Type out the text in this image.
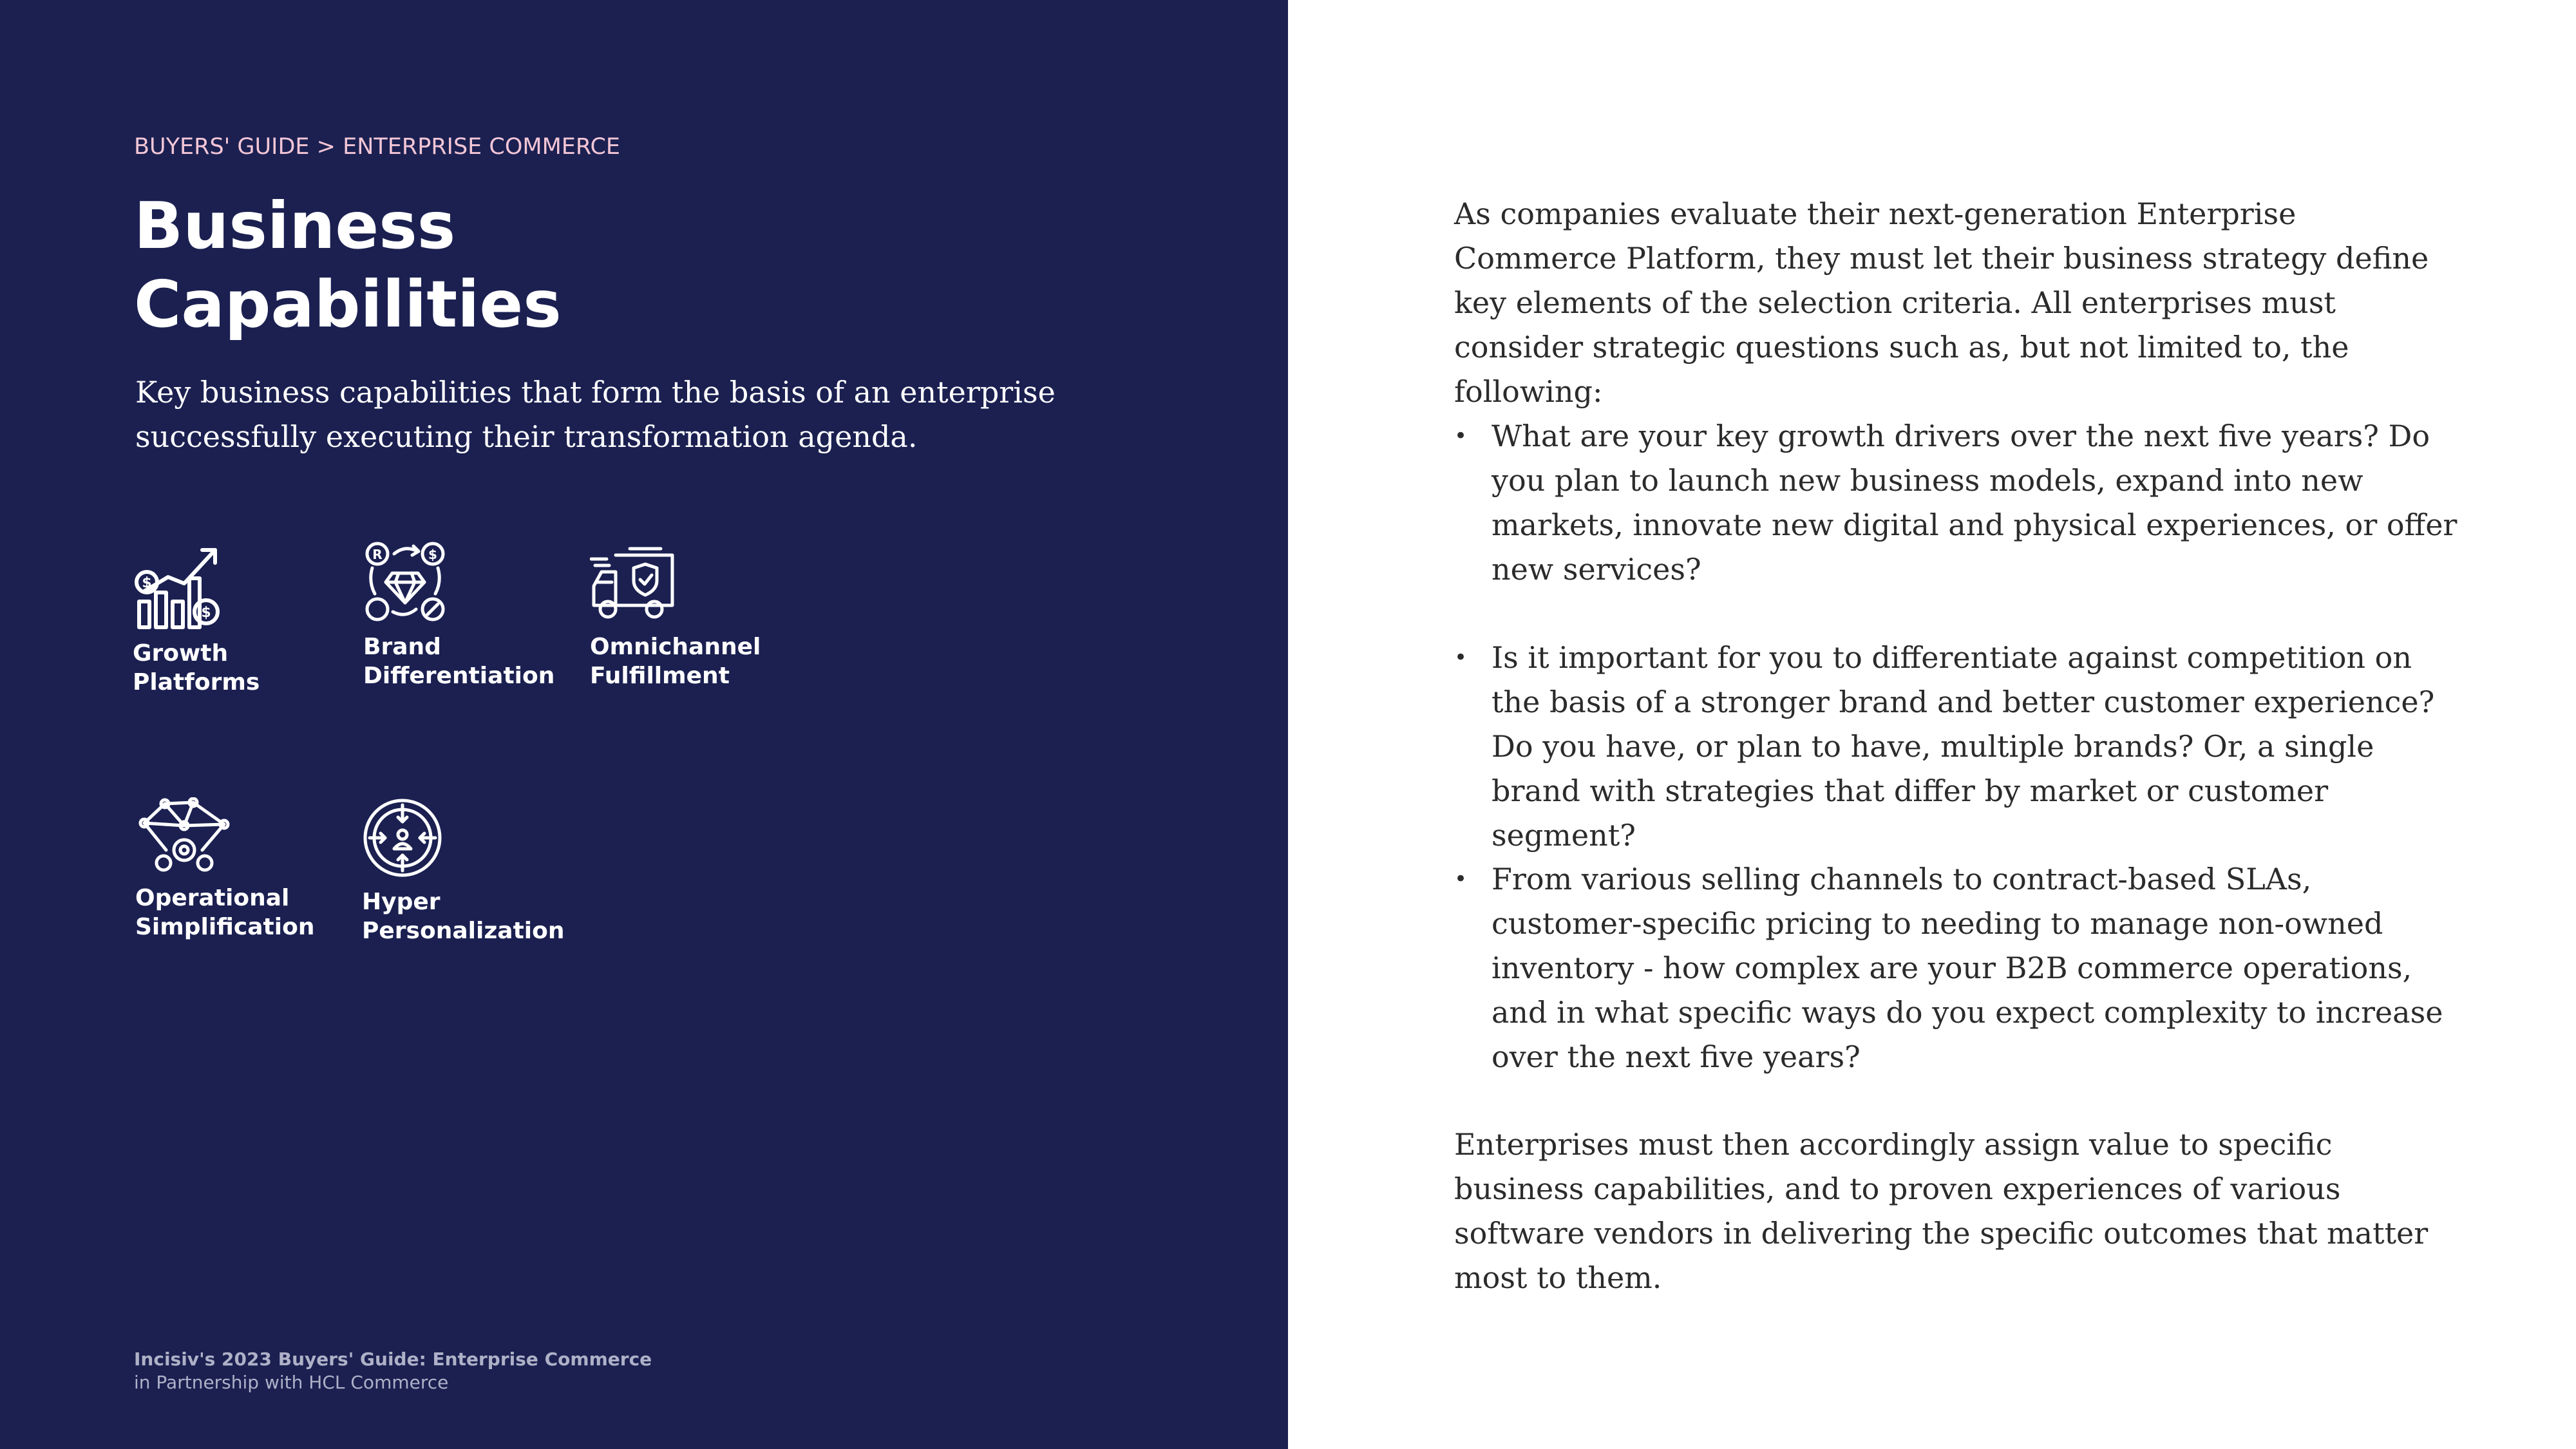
BUYERS' GUIDE > ENTERPRISE COMMERCE
Business
Capabilities

Key business capabilities that form the basis of an enterprise successfully executing their transformation agenda.

$
$
Growth
Platforms
R	$
Brand
Differentiation
Omnichannel
Fulfillment
Operational
Simplification
Hyper
Personalization
Incisiv's 2023 Buyers' Guide: Enterprise Commerce
in Partnership with HCL Commerce

As companies evaluate their next-generation Enterprise Commerce Platform, they must let their business strategy define key elements of the selection criteria. All enterprises must consider strategic questions such as, but not limited to, the following:

• What are your key growth drivers over the next five years? Do you plan to launch new business models, expand into new markets, innovate new digital and physical experiences, or offer new services?
• Is it important for you to differentiate against competition on the basis of a stronger brand and better customer experience? Do you have, or plan to have, multiple brands? Or, a single brand with strategies that differ by market or customer segment?
• From various selling channels to contract-based SLAs, customer-specific pricing to needing to manage non-owned inventory - how complex are your B2B commerce operations, and in what specific ways do you expect complexity to increase over the next five years?

Enterprises must then accordingly assign value to specific business capabilities, and to proven experiences of various software vendors in delivering the specific outcomes that matter most to them.
